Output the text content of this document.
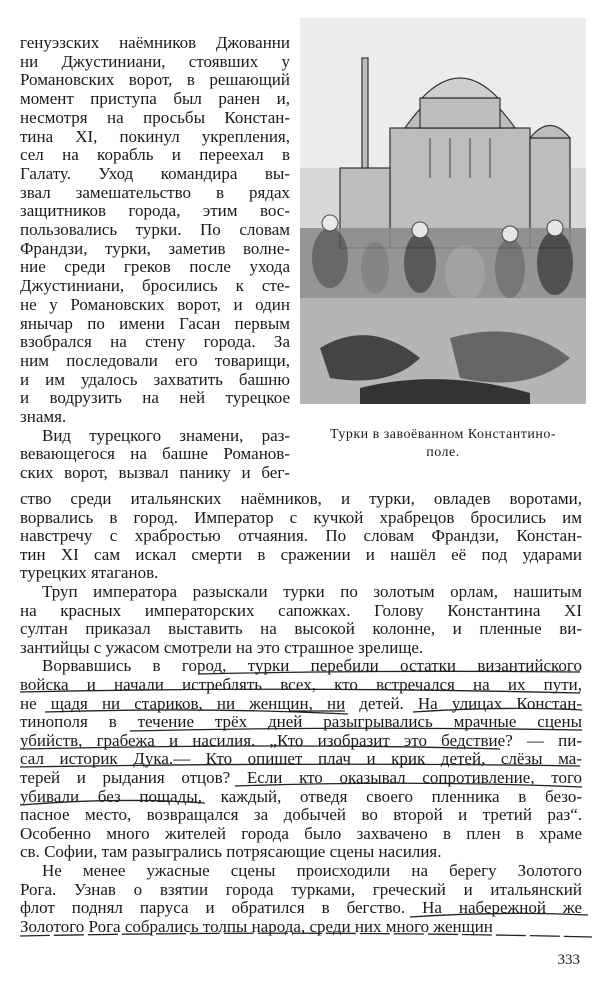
Турки в завоёванном Константино-
поле.
генуэзских наёмников Джованни
ни Джустиниани, стоявших у
Романовских ворот, в решающий
момент приступа был ранен и,
несмотря на просьбы Констан-
тина XI, покинул укрепления,
сел на корабль и переехал в
Галату. Уход командира вы-
звал замешательство в рядах
защитников города, этим вос-
пользовались турки. По словам
Франдзи, турки, заметив волне-
ние среди греков после ухода
Джустиниани, бросились к сте-
не у Романовских ворот, и один
янычар по имени Гасан первым
взобрался на стену города. За
ним последовали его товарищи,
и им удалось захватить башню
и водрузить на ней турецкое
знамя.
Вид турецкого знамени, раз-
вевающегося на башне Романов-
ских ворот, вызвал панику и бег-
ство среди итальянских наёмников, и турки, овладев воротами,
ворвались в город. Император с кучкой храбрецов бросились им
навстречу с храбростью отчаяния. По словам Франдзи, Констан-
тин XI сам искал смерти в сражении и нашёл её под ударами
турецких ятаганов.
Труп императора разыскали турки по золотым орлам, нашитым
на красных императорских сапожках. Голову Константина XI
султан приказал выставить на высокой колонне, и пленные ви-
зантийцы с ужасом смотрели на это страшное зрелище.
Ворвавшись в город, турки перебили остатки византийского
войска и начали истреблять всех, кто встречался на их пути,
не щадя ни стариков, ни женщин, ни детей. На улицах Констан-
тинополя в течение трёх дней разыгрывались мрачные сцены
убийств, грабежа и насилия. „Кто изобразит это бедствие? — пи-
сал историк Дука.— Кто опишет плач и крик детей, слёзы ма-
терей и рыдания отцов? Если кто оказывал сопротивление, того
убивали без пощады, каждый, отведя своего пленника в безо-
пасное место, возвращался за добычей во второй и третий раз“.
Особенно много жителей города было захвачено в плен в храме
св. Софии, там разыгрались потрясающие сцены насилия.
Не менее ужасные сцены происходили на берегу Золотого
Рога. Узнав о взятии города турками, греческий и итальянский
флот поднял паруса и обратился в бегство. На набережной же
Золотого Рога собрались толпы народа, среди них много женщин
333
